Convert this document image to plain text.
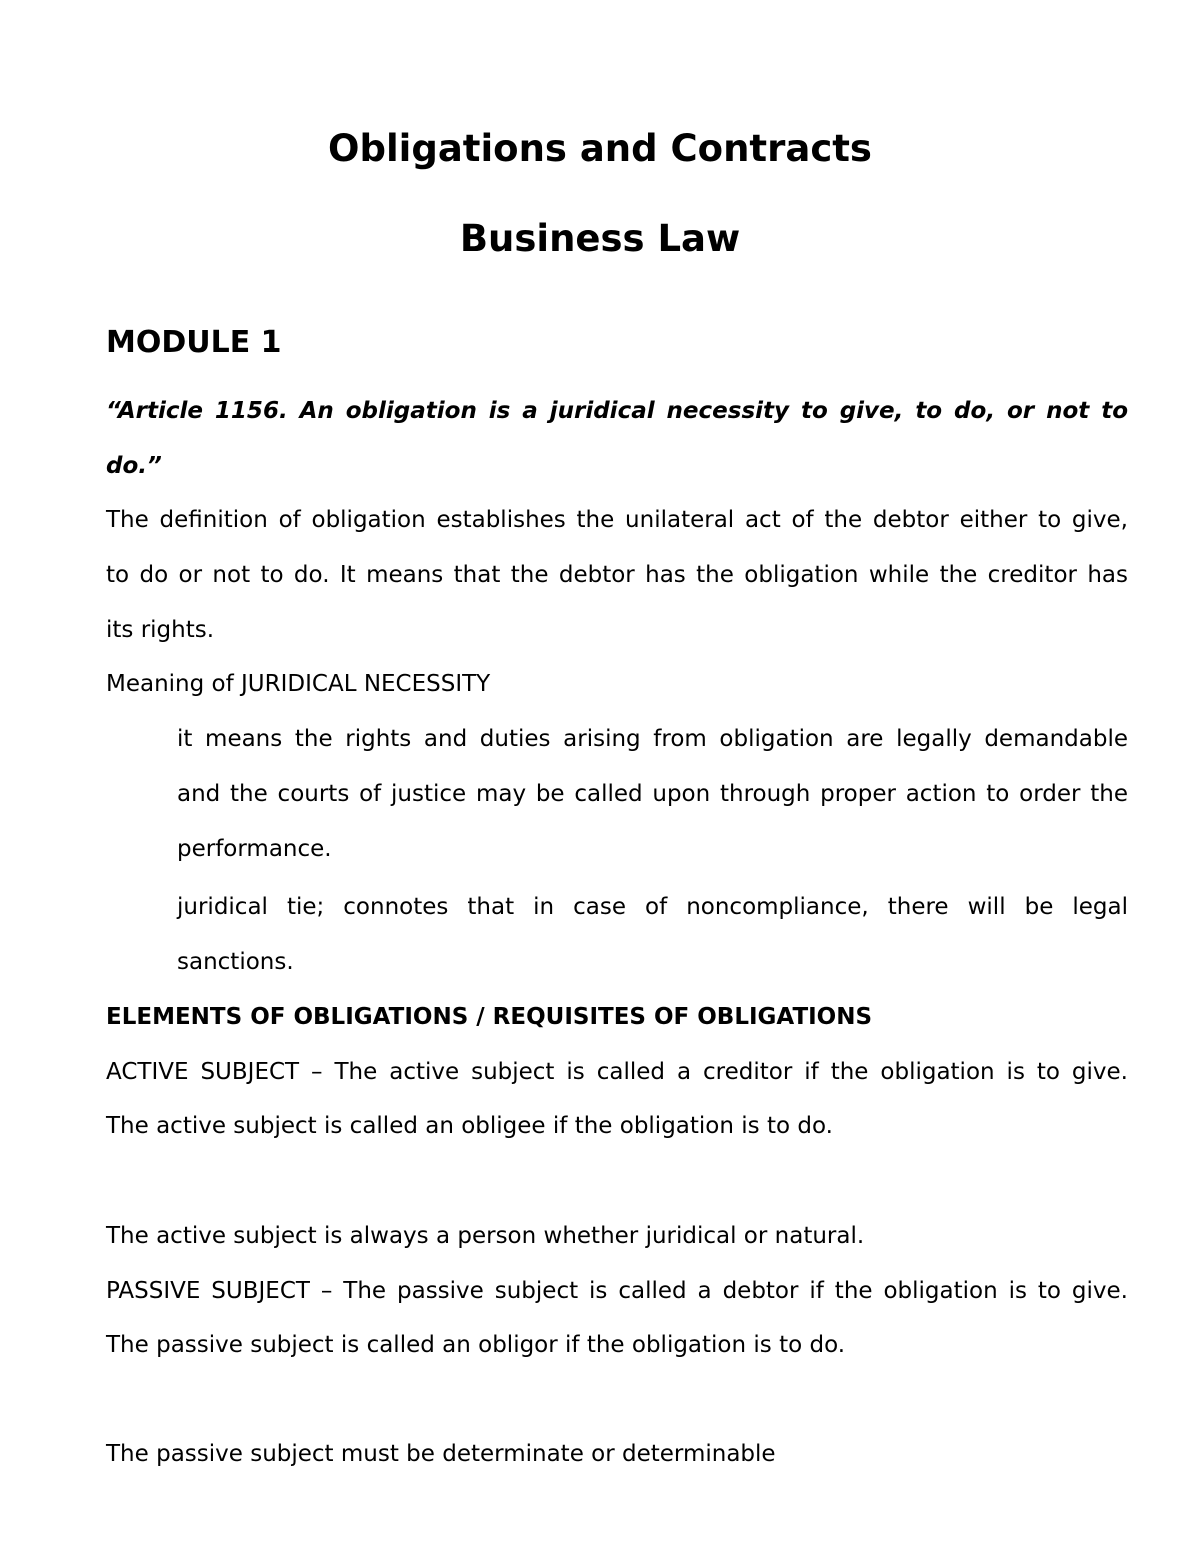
Obligations and Contracts
Business Law
MODULE 1
“Article 1156. An obligation is a juridical necessity to give, to do, or not to
do.”
The definition of obligation establishes the unilateral act of the debtor either to give,
to do or not to do. It means that the debtor has the obligation while the creditor has
its rights.
Meaning of JURIDICAL NECESSITY
it means the rights and duties arising from obligation are legally demandable
and the courts of justice may be called upon through proper action to order the
performance.
juridical tie; connotes that in case of noncompliance, there will be legal
sanctions.
ELEMENTS OF OBLIGATIONS / REQUISITES OF OBLIGATIONS
ACTIVE SUBJECT – The active subject is called a creditor if the obligation is to give.
The active subject is called an obligee if the obligation is to do.
The active subject is always a person whether juridical or natural.
PASSIVE SUBJECT – The passive subject is called a debtor if the obligation is to give.
The passive subject is called an obligor if the obligation is to do.
The passive subject must be determinate or determinable
